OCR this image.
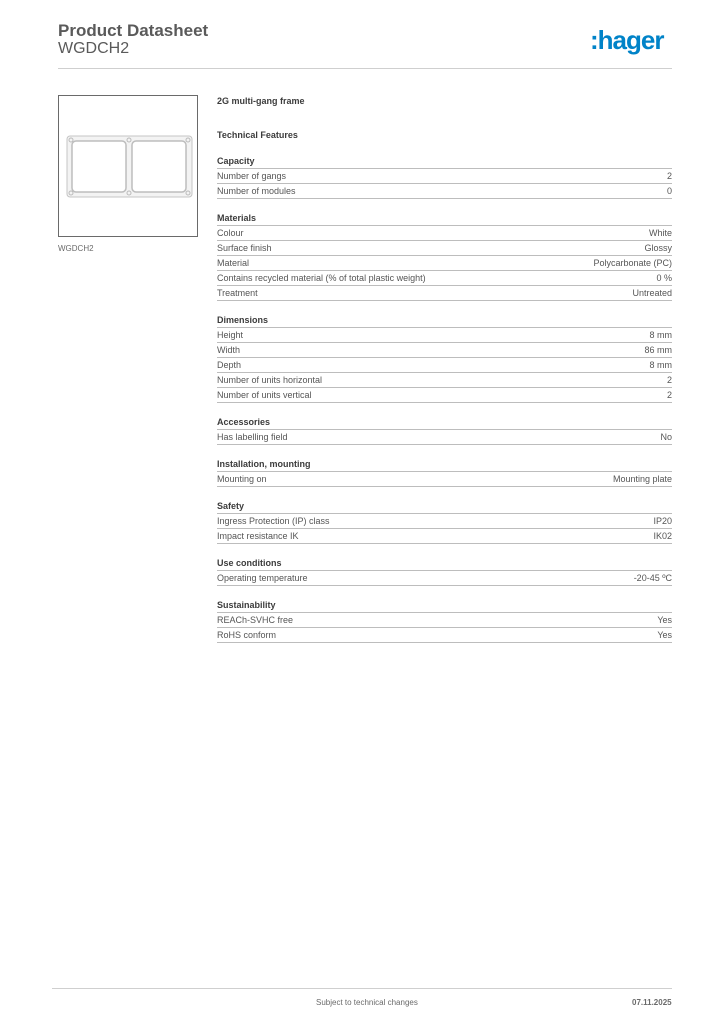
Product Datasheet
WGDCH2	:hager
WGDCH2
2G multi-gang frame
Technical Features
Capacity
Number of gangs	2
Number of modules	0
Materials
Colour	White
Surface finish	Glossy
Material	Polycarbonate (PC)
Contains recycled material (% of total plastic weight)	0 %
Treatment	Untreated
Dimensions
Height	8 mm
Width	86 mm
Depth	8 mm
Number of units horizontal	2
Number of units vertical	2
Accessories
Has labelling field	No
Installation, mounting
Mounting on	Mounting plate
Safety
Ingress Protection (IP) class	IP20
Impact resistance IK	IK02
Use conditions
Operating temperature	-20-45 ºC
Sustainability
REACh-SVHC free	Yes
RoHS conform	Yes
Subject to technical changes	07.11.2025
